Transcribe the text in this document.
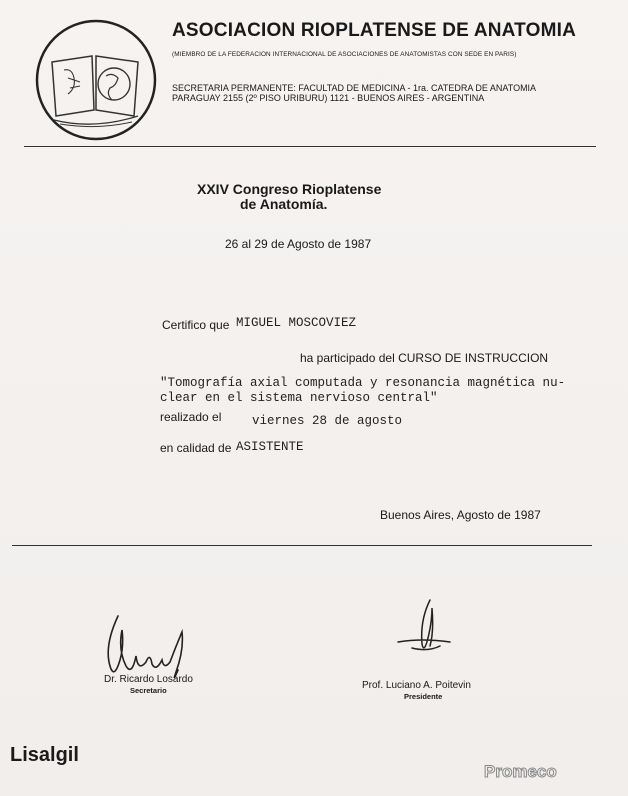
ASOCIACION RIOPLATENSE DE ANATOMIA
(MIEMBRO DE LA FEDERACION INTERNACIONAL DE ASOCIACIONES DE ANATOMISTAS CON SEDE EN PARIS)
SECRETARIA PERMANENTE: FACULTAD DE MEDICINA - 1ra. CATEDRA DE ANATOMIA
PARAGUAY 2155 (2º PISO URIBURU) 1121 - BUENOS AIRES - ARGENTINA
XXIV Congreso Rioplatense
de Anatomía.
26 al 29 de Agosto de 1987
Certifico que MIGUEL MOSCOVIEZ
ha participado del CURSO DE INSTRUCCION
"Tomografía axial computada y resonancia magnética nu-
clear en el sistema nervioso central"
realizado el viernes 28 de agosto
en calidad de ASISTENTE
Buenos Aires, Agosto de 1987
Dr. Ricardo Losardo
Secretario	Prof. Luciano A. Poitevin
Presidente
Lisalgil
Promeco
